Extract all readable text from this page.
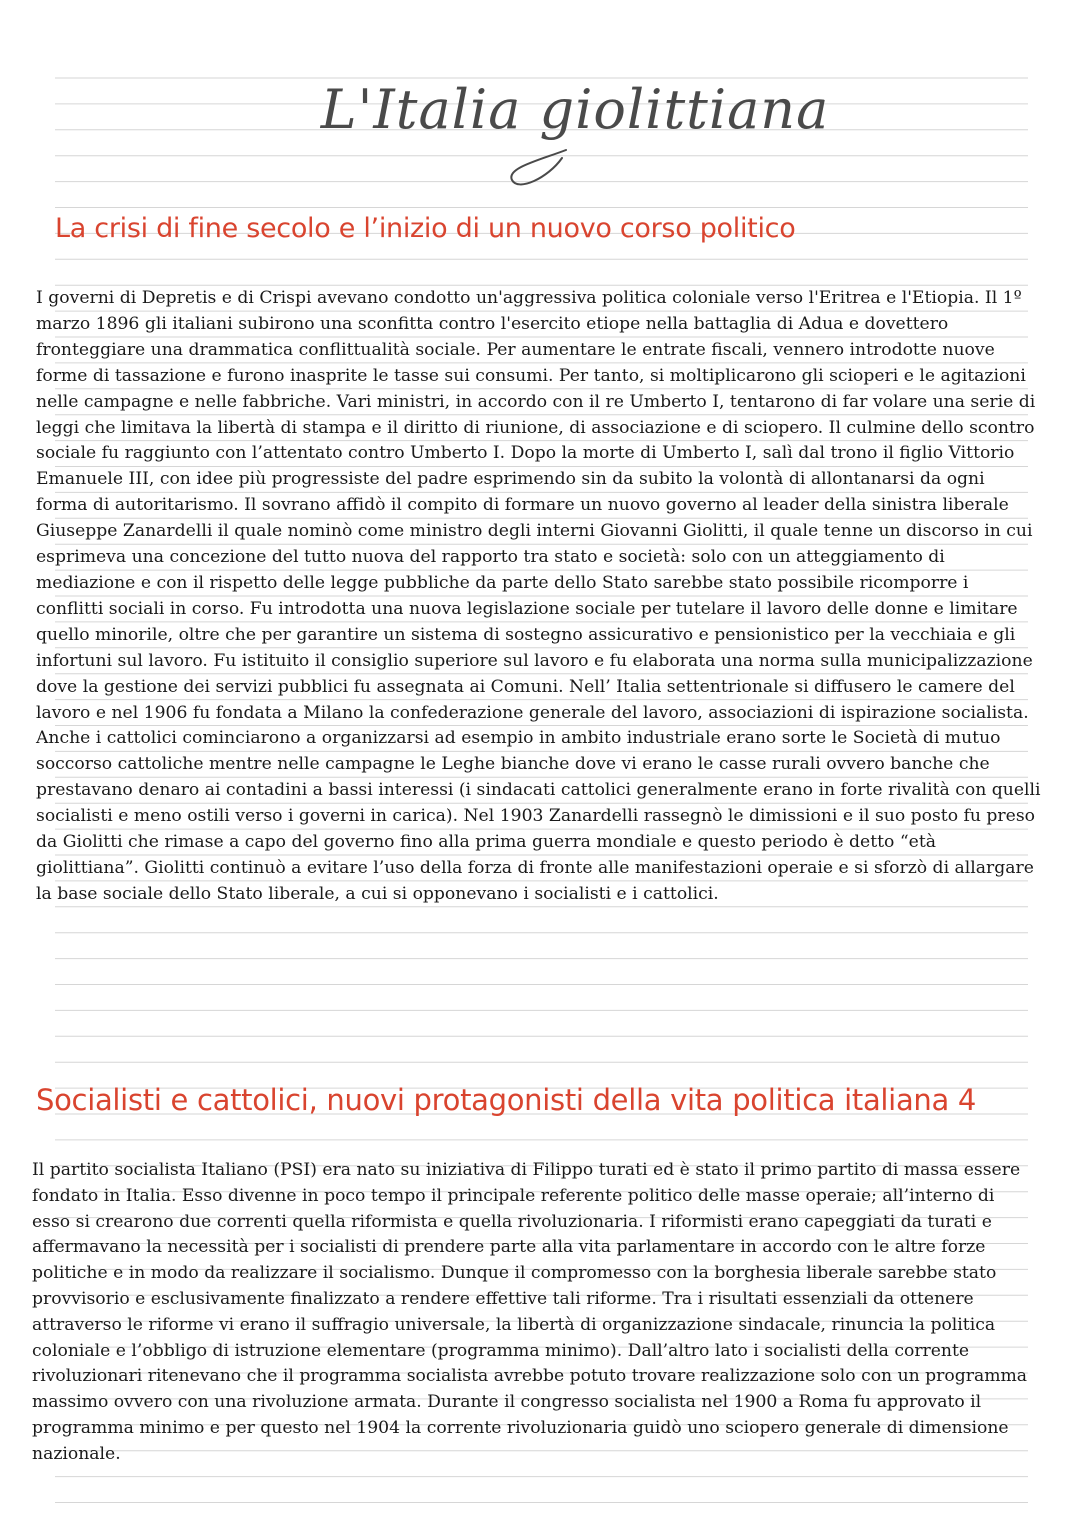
L'Italia giolittiana
La crisi di fine secolo e l’inizio di un nuovo corso politico

I governi di Depretis e di Crispi avevano condotto un'aggressiva politica coloniale verso l'Eritrea e l'Etiopia. Il 1º marzo 1896 gli italiani subirono una sconfitta contro l'esercito etiope nella battaglia di Adua e dovettero fronteggiare una drammatica conflittualità sociale. Per aumentare le entrate fiscali, vennero introdotte nuove forme di tassazione e furono inasprite le tasse sui consumi. Per tanto, si moltiplicarono gli scioperi e le agitazioni nelle campagne e nelle fabbriche. Vari ministri, in accordo con il re Umberto I, tentarono di far volare una serie di leggi che limitava la libertà di stampa e il diritto di riunione, di associazione e di sciopero. Il culmine dello scontro sociale fu raggiunto con l’attentato contro Umberto I. Dopo la morte di Umberto I, salì dal trono il figlio Vittorio Emanuele III, con idee più progressiste del padre esprimendo sin da subito la volontà di allontanarsi da ogni forma di autoritarismo. Il sovrano affidò il compito di formare un nuovo governo al leader della sinistra liberale Giuseppe Zanardelli il quale nominò come ministro degli interni Giovanni Giolitti, il quale tenne un discorso in cui esprimeva una concezione del tutto nuova del rapporto tra stato e società: solo con un atteggiamento di mediazione e con il rispetto delle legge pubbliche da parte dello Stato sarebbe stato possibile ricomporre i conflitti sociali in corso. Fu introdotta una nuova legislazione sociale per tutelare il lavoro delle donne e limitare quello minorile, oltre che per garantire un sistema di sostegno assicurativo e pensionistico per la vecchiaia e gli infortuni sul lavoro. Fu istituito il consiglio superiore sul lavoro e fu elaborata una norma sulla municipalizzazione dove la gestione dei servizi pubblici fu assegnata ai Comuni. Nell’ Italia settentrionale si diffusero le camere del lavoro e nel 1906 fu fondata a Milano la confederazione generale del lavoro, associazioni di ispirazione socialista. Anche i cattolici cominciarono a organizzarsi ad esempio in ambito industriale erano sorte le Società di mutuo soccorso cattoliche mentre nelle campagne le Leghe bianche dove vi erano le casse rurali ovvero banche che prestavano denaro ai contadini a bassi interessi (i sindacati cattolici generalmente erano in forte rivalità con quelli socialisti e meno ostili verso i governi in carica). Nel 1903 Zanardelli rassegnò le dimissioni e il suo posto fu preso da Giolitti che rimase a capo del governo fino alla prima guerra mondiale e questo periodo è detto “età giolittiana”. Giolitti continuò a evitare l’uso della forza di fronte alle manifestazioni operaie e si sforzò di allargare la base sociale dello Stato liberale, a cui si opponevano i socialisti e i cattolici.

Socialisti e cattolici, nuovi protagonisti della vita politica italiana 4

Il partito socialista Italiano (PSI) era nato su iniziativa di Filippo turati ed è stato il primo partito di massa essere fondato in Italia. Esso divenne in poco tempo il principale referente politico delle masse operaie; all’interno di esso si crearono due correnti quella riformista e quella rivoluzionaria. I riformisti erano capeggiati da turati e affermavano la necessità per i socialisti di prendere parte alla vita parlamentare in accordo con le altre forze politiche e in modo da realizzare il socialismo. Dunque il compromesso con la borghesia liberale sarebbe stato provvisorio e esclusivamente finalizzato a rendere effettive tali riforme. Tra i risultati essenziali da ottenere attraverso le riforme vi erano il suffragio universale, la libertà di organizzazione sindacale, rinuncia la politica coloniale e l’obbligo di istruzione elementare (programma minimo). Dall’altro lato i socialisti della corrente rivoluzionari ritenevano che il programma socialista avrebbe potuto trovare realizzazione solo con un programma massimo ovvero con una rivoluzione armata. Durante il congresso socialista nel 1900 a Roma fu approvato il programma minimo e per questo nel 1904 la corrente rivoluzionaria guidò uno sciopero generale di dimensione nazionale.
